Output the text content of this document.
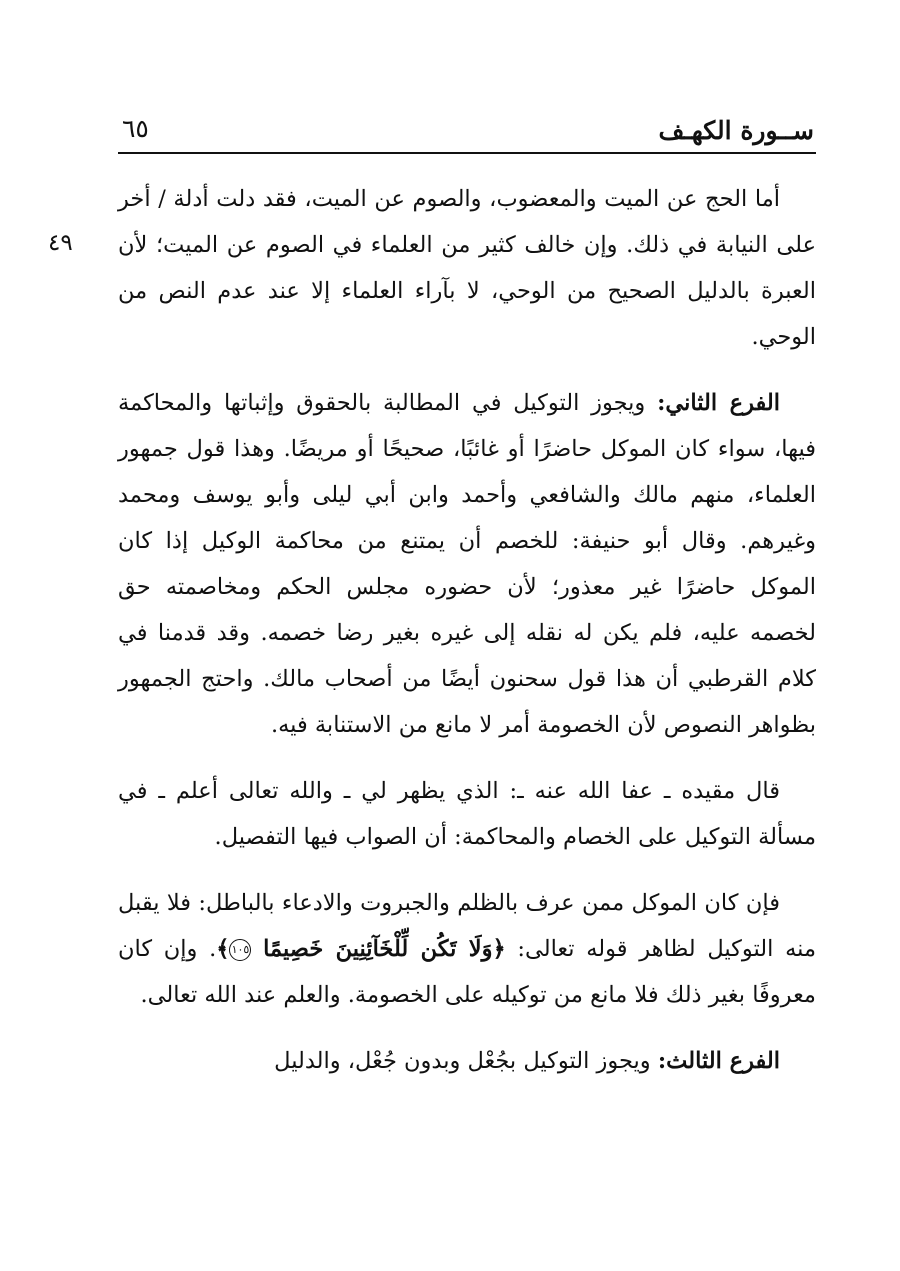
ســورة الكهـف
٦٥
٤٩

أما الحج عن الميت والمعضوب، والصوم عن الميت، فقد دلت أدلة / أخر على النيابة في ذلك. وإن خالف كثير من العلماء في الصوم عن الميت؛ لأن العبرة بالدليل الصحيح من الوحي، لا بآراء العلماء إلا عند عدم النص من الوحي.

الفرع الثاني: ويجوز التوكيل في المطالبة بالحقوق وإثباتها والمحاكمة فيها، سواء كان الموكل حاضرًا أو غائبًا، صحيحًا أو مريضًا. وهذا قول جمهور العلماء، منهم مالك والشافعي وأحمد وابن أبي ليلى وأبو يوسف ومحمد وغيرهم. وقال أبو حنيفة: للخصم أن يمتنع من محاكمة الوكيل إذا كان الموكل حاضرًا غير معذور؛ لأن حضوره مجلس الحكم ومخاصمته حق لخصمه عليه، فلم يكن له نقله إلى غيره بغير رضا خصمه. وقد قدمنا في كلام القرطبي أن هذا قول سحنون أيضًا من أصحاب مالك. واحتج الجمهور بظواهر النصوص لأن الخصومة أمر لا مانع من الاستنابة فيه.

قال مقيده ـ عفا الله عنه ـ: الذي يظهر لي ـ والله تعالى أعلم ـ في مسألة التوكيل على الخصام والمحاكمة: أن الصواب فيها التفصيل.

فإن كان الموكل ممن عرف بالظلم والجبروت والادعاء بالباطل: فلا يقبل منه التوكيل لظاهر قوله تعالى: ﴿وَلَا تَكُن لِّلْخَآئِنِينَ خَصِيمًا ١٠٥﴾. وإن كان معروفًا بغير ذلك فلا مانع من توكيله على الخصومة. والعلم عند الله تعالى.

الفرع الثالث: ويجوز التوكيل بجُعْل وبدون جُعْل، والدليل
